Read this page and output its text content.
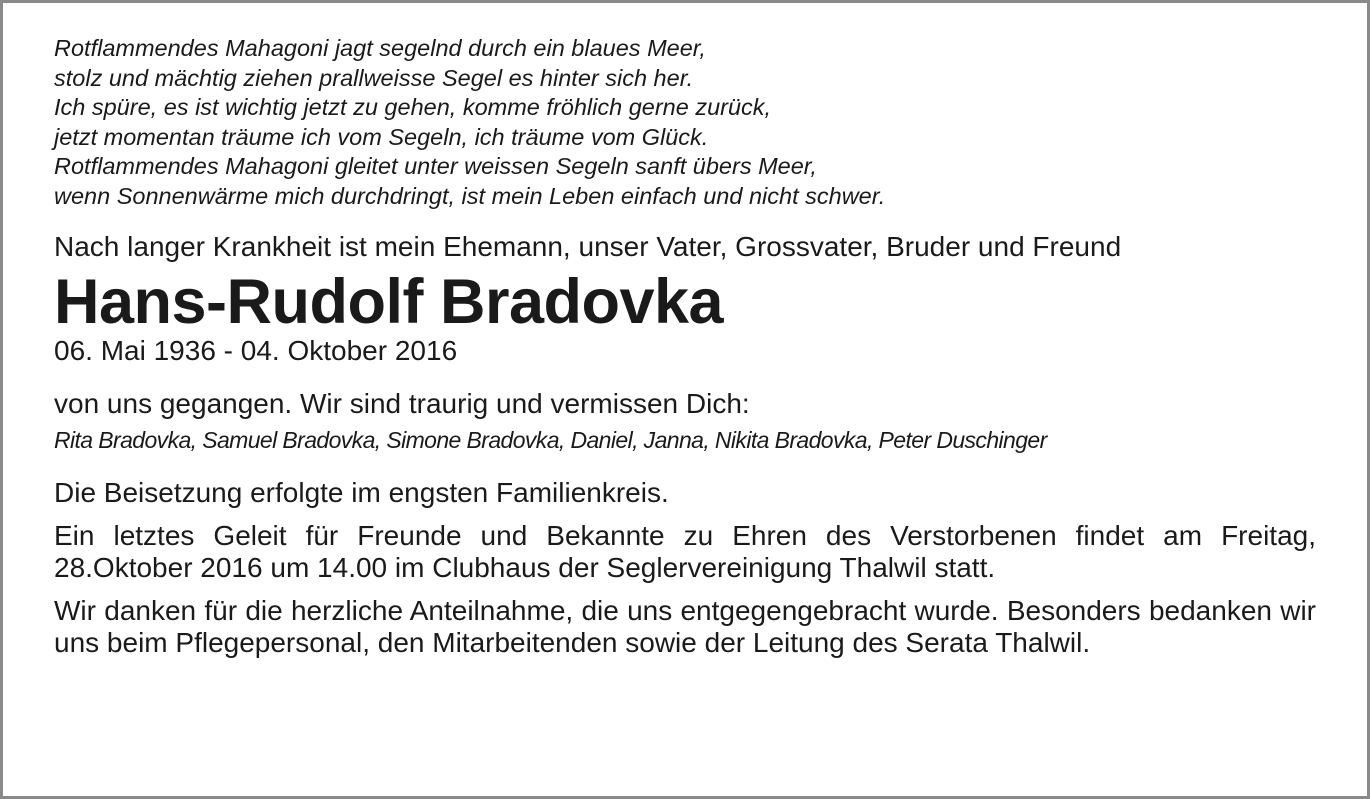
Rotflammendes Mahagoni jagt segelnd durch ein blaues Meer,
stolz und mächtig ziehen prallweisse Segel es hinter sich her.
Ich spüre, es ist wichtig jetzt zu gehen, komme fröhlich gerne zurück,
jetzt momentan träume ich vom Segeln, ich träume vom Glück.
Rotflammendes Mahagoni gleitet unter weissen Segeln sanft übers Meer,
wenn Sonnenwärme mich durchdringt, ist mein Leben einfach und nicht schwer.
Nach langer Krankheit ist mein Ehemann, unser Vater, Grossvater, Bruder und Freund
Hans-Rudolf Bradovka
06. Mai 1936 - 04. Oktober 2016
von uns gegangen. Wir sind traurig und vermissen Dich:
Rita Bradovka, Samuel Bradovka, Simone Bradovka, Daniel, Janna, Nikita Bradovka, Peter Duschinger
Die Beisetzung erfolgte im engsten Familienkreis.
Ein letztes Geleit für Freunde und Bekannte zu Ehren des Verstorbenen findet am Freitag, 28.Oktober 2016 um 14.00 im Clubhaus der Seglervereinigung Thalwil statt.
Wir danken für die herzliche Anteilnahme, die uns entgegengebracht wurde. Besonders bedanken wir uns beim Pflegepersonal, den Mitarbeitenden sowie der Leitung des Serata Thalwil.
